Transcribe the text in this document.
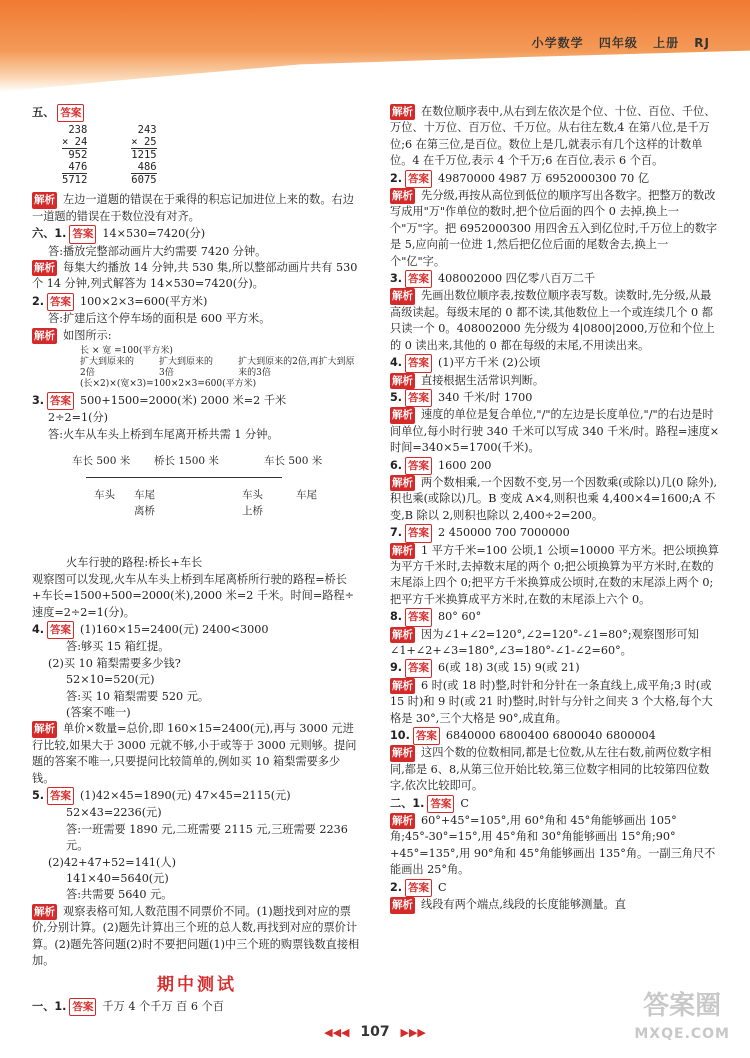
小学数学 四年级 上册 RJ
五、 答案
238
× 24
952
476
5712
243
× 25
1215
486
6075
解析 左边一道题的错误在于乘得的积忘记加进位上来的数。右边一道题的错误在于数位没有对齐。
六、1. 答案 14×530=7420(分)
答:播放完整部动画片大约需要 7420 分钟。
解析 每集大约播放 14 分钟,共 530 集,所以整部动画片共有 530 个 14 分钟,列式解答为 14×530=7420(分)。
2. 答案 100×2×3=600(平方米)
答:扩建后这个停车场的面积是 600 平方米。
解析 如图所示:
长 × 宽 =100(平方米)
扩大到原来的2倍
扩大到原来的3倍
扩大到原来的2倍,再扩大到原来的3倍
(长×2)×(宽×3)=100×2×3=600(平方米)
3. 答案 500+1500=2000(米) 2000 米=2 千米
2÷2=1(分)
答:火车从车头上桥到车尾离开桥共需 1 分钟。
车长 500 米 桥长 1500 米	车长 500 米
车头 车尾
离桥
车头
上桥
车尾
火车行驶的路程:桥长+车长
观察图可以发现,火车从车头上桥到车尾离桥所行驶的路程=桥长+车长=1500+500=2000(米),2000 米=2 千米。时间=路程÷速度=2÷2=1(分)。
4. 答案 (1)160×15=2400(元) 2400<3000
答:够买 15 箱红提。
(2)买 10 箱梨需要多少钱?
52×10=520(元)
答:买 10 箱梨需要 520 元。
(答案不唯一)
解析 单价×数量=总价,即 160×15=2400(元),再与 3000 元进行比较,如果大于 3000 元就不够,小于或等于 3000 元则够。提问题的答案不唯一,只要提问比较简单的,例如买 10 箱梨需要多少钱。
5. 答案 (1)42×45=1890(元) 47×45=2115(元)
52×43=2236(元)
答:一班需要 1890 元,二班需要 2115 元,三班需要 2236 元。
(2)42+47+52=141(人)
141×40=5640(元)
答:共需要 5640 元。
解析 观察表格可知,人数范围不同票价不同。(1)题找到对应的票价,分别计算。(2)题先计算出三个班的总人数,再找到对应的票价计算。(2)题先答问题(2)时不要把问题(1)中三个班的购票钱数直接相加。
期中测试
一、1. 答案 千万 4 个千万 百 6 个百
解析 在数位顺序表中,从右到左依次是个位、十位、百位、千位、万位、十万位、百万位、千万位。从右往左数,4 在第八位,是千万位;6 在第三位,是百位。数位上是几,就表示有几个这样的计数单位。4 在千万位,表示 4 个千万;6 在百位,表示 6 个百。
2. 答案 49870000 4987 万 6952000300 70 亿
解析 先分级,再按从高位到低位的顺序写出各数字。把整万的数改写成用"万"作单位的数时,把个位后面的四个 0 去掉,换上一个"万"字。把 6952000300 用四舍五入到亿位时,千万位上的数字是 5,应向前一位进 1,然后把亿位后面的尾数舍去,换上一个"亿"字。
3. 答案 408002000 四亿零八百万二千
解析 先画出数位顺序表,按数位顺序表写数。读数时,先分级,从最高级读起。每级末尾的 0 都不读,其他数位上一个或连续几个 0 都只读一个 0。408002000 先分级为 4|0800|2000,万位和个位上的 0 读出来,其他的 0 都在每级的末尾,不用读出来。
4. 答案 (1)平方千米 (2)公顷
解析 直接根据生活常识判断。
5. 答案 340 千米/时 1700
解析 速度的单位是复合单位,"/"的左边是长度单位,"/"的右边是时间单位,每小时行驶 340 千米可以写成 340 千米/时。路程=速度×时间=340×5=1700(千米)。
6. 答案 1600 200
解析 两个数相乘,一个因数不变,另一个因数乘(或除以)几(0 除外),积也乘(或除以)几。B 变成 A×4,则积也乘 4,400×4=1600;A 不变,B 除以 2,则积也除以 2,400÷2=200。
7. 答案 2 450000 700 7000000
解析 1 平方千米=100 公顷,1 公顷=10000 平方米。把公顷换算为平方千米时,去掉数末尾的两个 0;把公顷换算为平方米时,在数的末尾添上四个 0;把平方千米换算成公顷时,在数的末尾添上两个 0;把平方千米换算成平方米时,在数的末尾添上六个 0。
8. 答案 80° 60°
解析 因为∠1+∠2=120°,∠2=120°-∠1=80°;观察图形可知∠1+∠2+∠3=180°,∠3=180°-∠1-∠2=60°。
9. 答案 6(或 18) 3(或 15) 9(或 21)
解析 6 时(或 18 时)整,时针和分针在一条直线上,成平角;3 时(或 15 时)和 9 时(或 21 时)整时,时针与分针之间夹 3 个大格,每个大格是 30°,三个大格是 90°,成直角。
10. 答案 6840000 6800400 6800040 6800004
解析 这四个数的位数相同,都是七位数,从左往右数,前两位数字相同,都是 6、8,从第三位开始比较,第三位数字相同的比较第四位数字,依次比较即可。
二、1. 答案 C
解析 60°+45°=105°,用 60°角和 45°角能够画出 105°角;45°-30°=15°,用 45°角和 30°角能够画出 15°角;90°+45°=135°,用 90°角和 45°角能够画出 135°角。一副三角尺不能画出 25°角。
2. 答案 C
解析 线段有两个端点,线段的长度能够测量。直
◀◀◀ 107 ▶▶▶
答案圈
MXQE.COM
